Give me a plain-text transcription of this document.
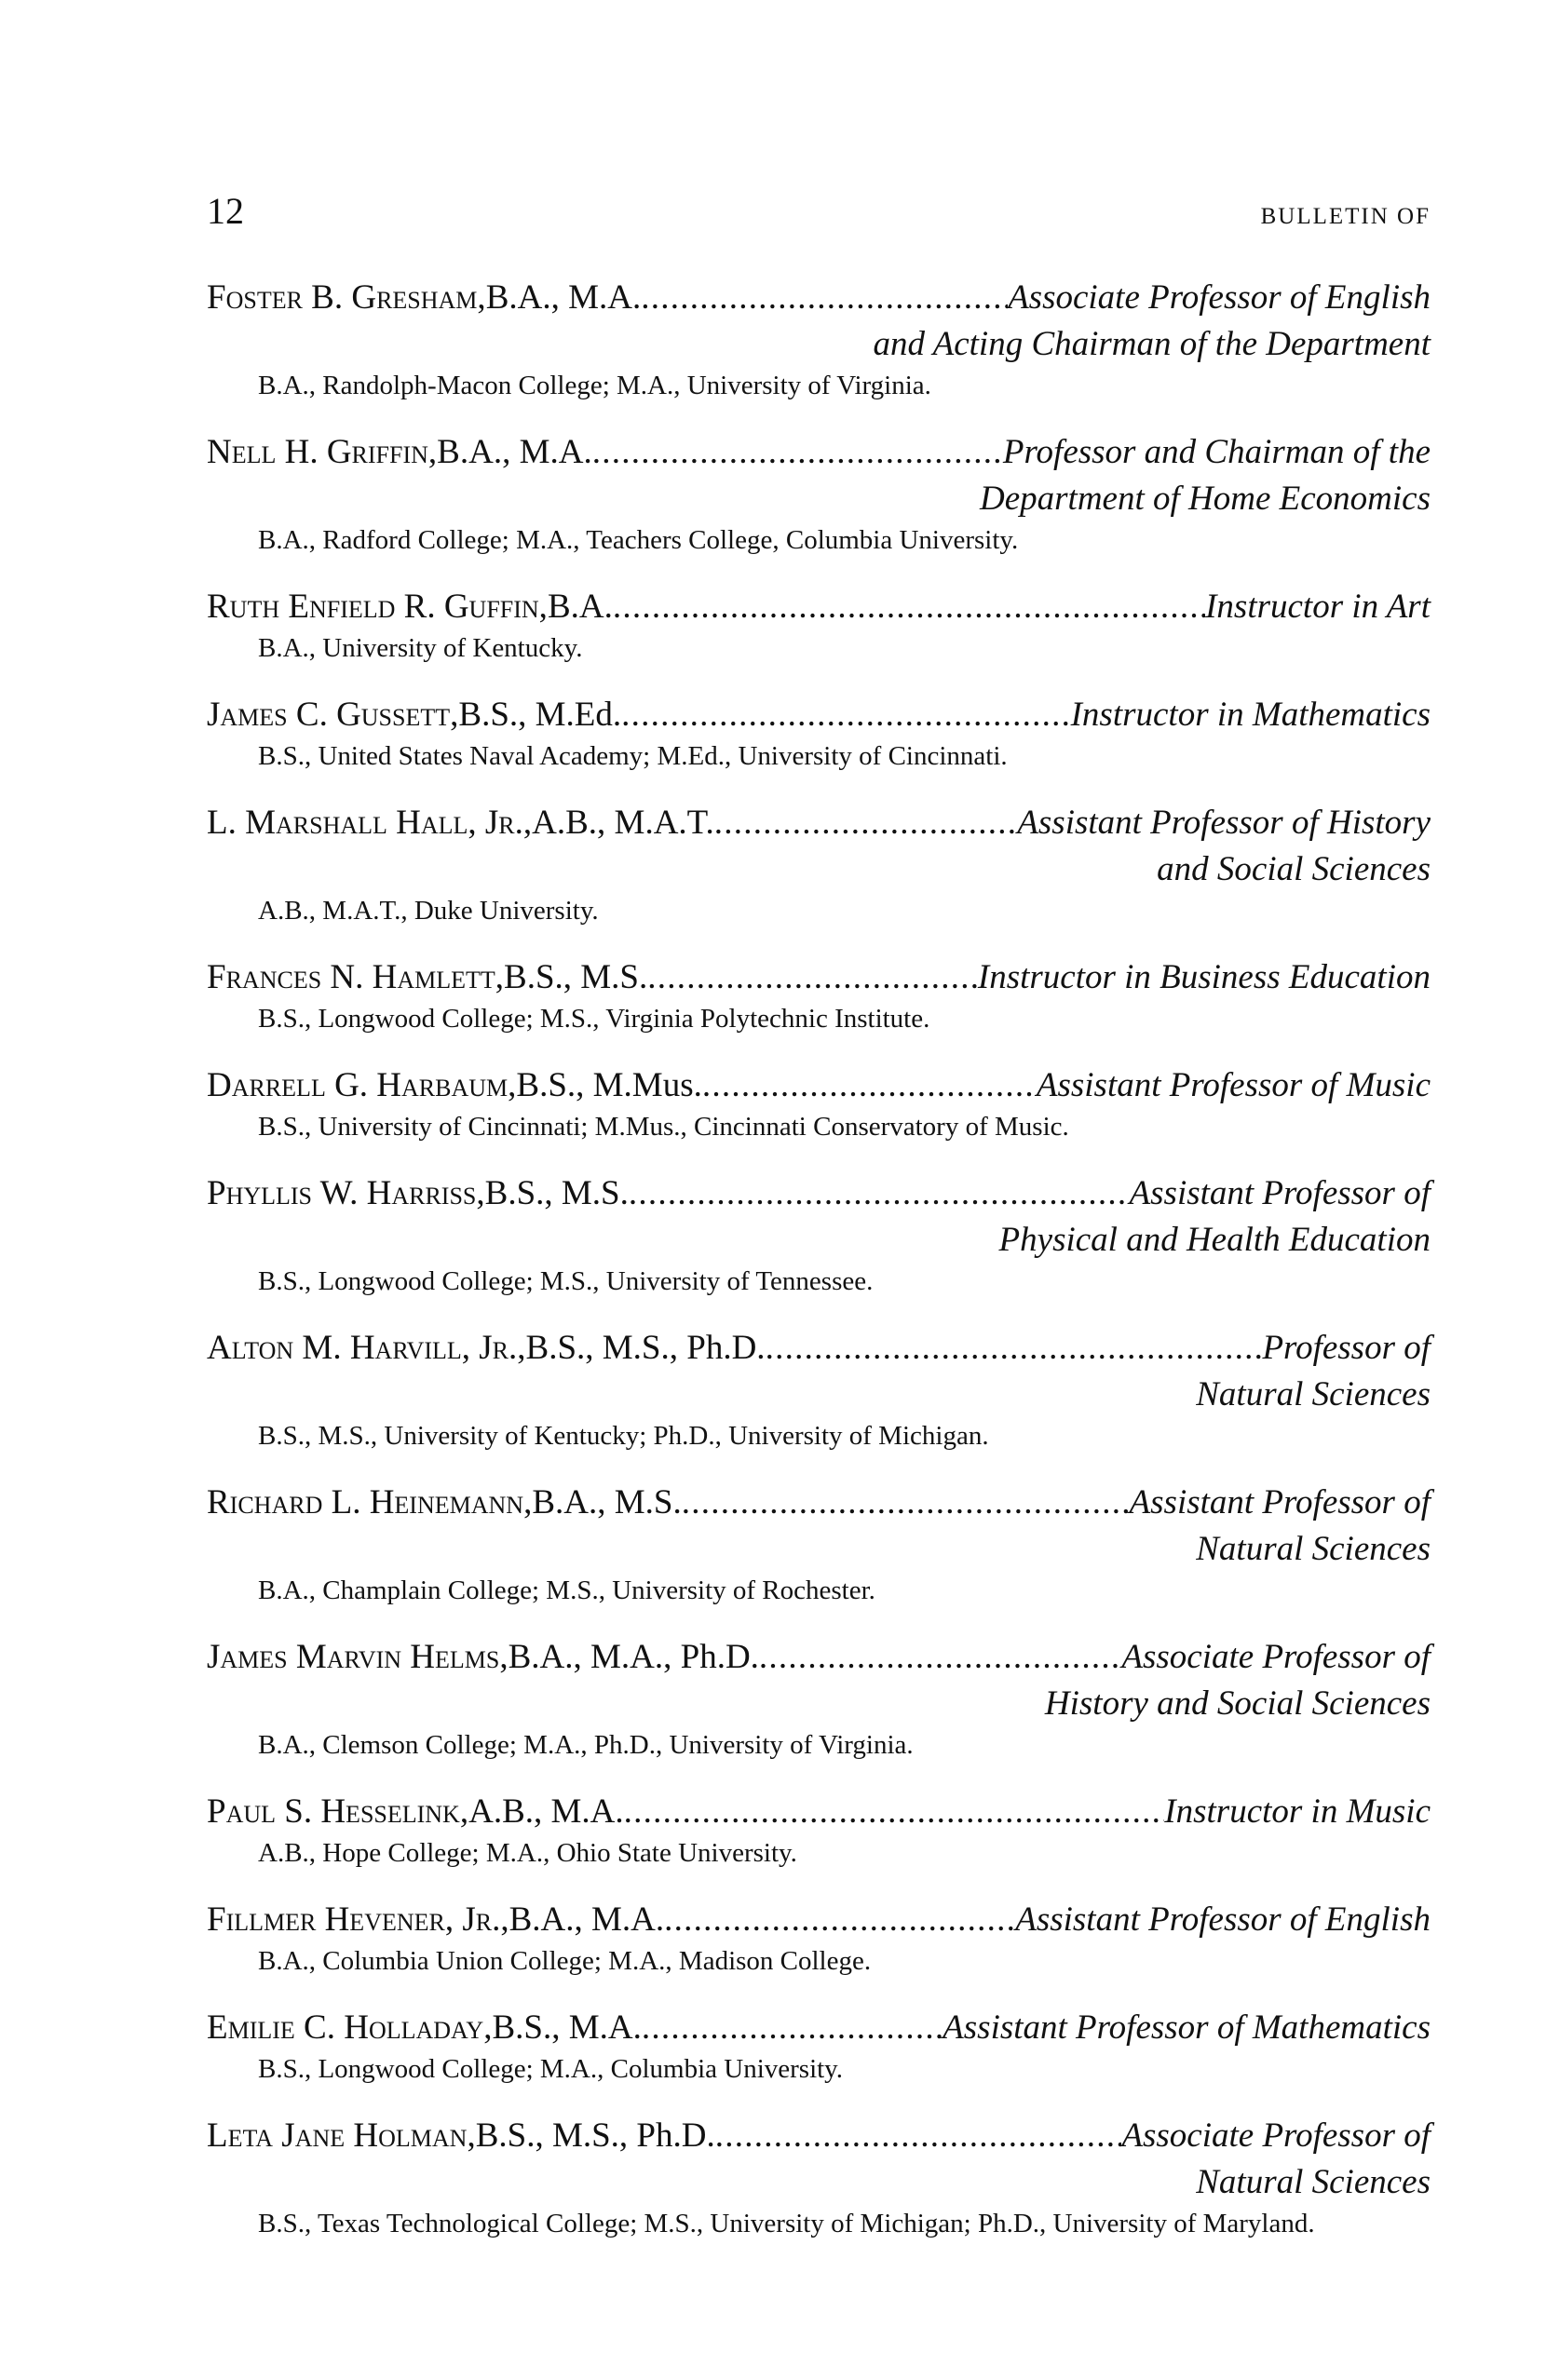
12	BULLETIN OF
Foster B. Gresham, B.A., M.A. . . .	Associate Professor of English
and Acting Chairman of the Department
B.A., Randolph-Macon College; M.A., University of Virginia.
Nell H. Griffin, B.A., M.A. . . .	Professor and Chairman of the
Department of Home Economics
B.A., Radford College; M.A., Teachers College, Columbia University.
Ruth Enfield R. Guffin, B.A. . . .	Instructor in Art
B.A., University of Kentucky.
James C. Gussett, B.S., M.Ed. . . .	Instructor in Mathematics
B.S., United States Naval Academy; M.Ed., University of Cincinnati.
L. Marshall Hall, Jr., A.B., M.A.T. . . .	Assistant Professor of History
and Social Sciences
A.B., M.A.T., Duke University.
Frances N. Hamlett, B.S., M.S. . . .	Instructor in Business Education
B.S., Longwood College; M.S., Virginia Polytechnic Institute.
Darrell G. Harbaum, B.S., M.Mus. . . .	Assistant Professor of Music
B.S., University of Cincinnati; M.Mus., Cincinnati Conservatory of Music.
Phyllis W. Harriss, B.S., M.S. . . .	Assistant Professor of
Physical and Health Education
B.S., Longwood College; M.S., University of Tennessee.
Alton M. Harvill, Jr., B.S., M.S., Ph.D. . . .	Professor of
Natural Sciences
B.S., M.S., University of Kentucky; Ph.D., University of Michigan.
Richard L. Heinemann, B.A., M.S. . . .	Assistant Professor of
Natural Sciences
B.A., Champlain College; M.S., University of Rochester.
James Marvin Helms, B.A., M.A., Ph.D. . . .	Associate Professor of
History and Social Sciences
B.A., Clemson College; M.A., Ph.D., University of Virginia.
Paul S. Hesselink, A.B., M.A. . . .	Instructor in Music
A.B., Hope College; M.A., Ohio State University.
Fillmer Hevener, Jr., B.A., M.A. . . .	Assistant Professor of English
B.A., Columbia Union College; M.A., Madison College.
Emilie C. Holladay, B.S., M.A. . . .	Assistant Professor of Mathematics
B.S., Longwood College; M.A., Columbia University.
Leta Jane Holman, B.S., M.S., Ph.D. . . .	Associate Professor of
Natural Sciences
B.S., Texas Technological College; M.S., University of Michigan; Ph.D., University of Maryland.
